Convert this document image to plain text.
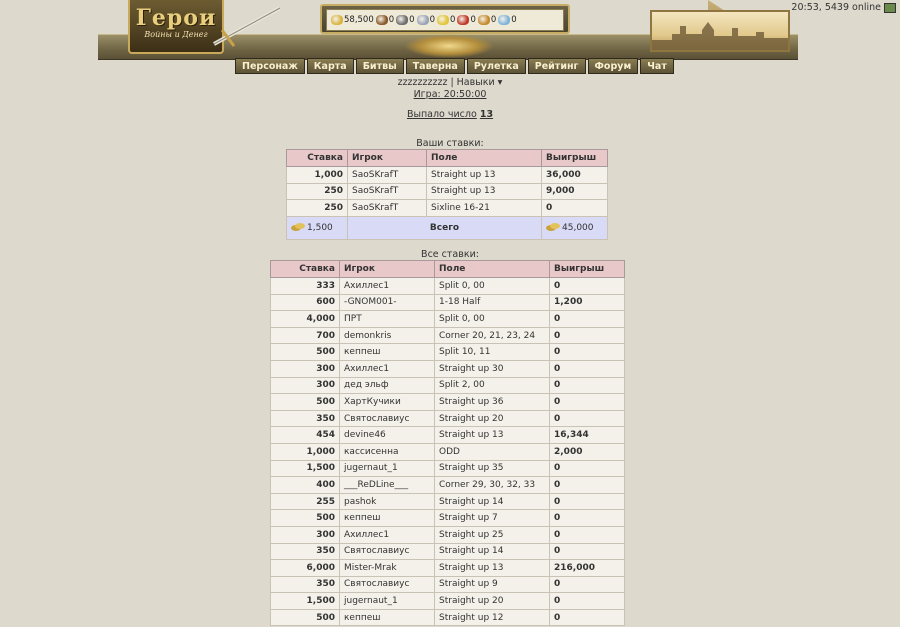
Герои
Войны и Денег
58,500 0 0 0 0 0 0 0
Персонаж	Карта	Битвы	Таверна	Рулетка	Рейтинг	Форум	Чат
20:53, 5439 online
zzzzzzzzzz | Навыки ▾
Игра: 20:50:00
Выпало число 13
Ваши ставки:
Ставка	Игрок	Поле	Выигрыш
1,000	SaoSKrafT	Straight up 13	36,000
250	SaoSKrafT	Straight up 13	9,000
250	SaoSKrafT	Sixline 16-21	0
1,500	Всего		45,000
Все ставки:
Ставка	Игрок	Поле	Выигрыш
333	Ахиллес1	Split 0, 00	0
600	-GNOM001-	1-18 Half	1,200
4,000	ПРТ	Split 0, 00	0
700	demonkris	Corner 20, 21, 23, 24	0
500	кеппеш	Split 10, 11	0
300	Ахиллес1	Straight up 30	0
300	дед эльф	Split 2, 00	0
500	ХартКучики	Straight up 36	0
350	Святославиус	Straight up 20	0
454	devine46	Straight up 13	16,344
1,000	кассисенна	ODD	2,000
1,500	jugernaut_1	Straight up 35	0
400	___ReDLine___	Corner 29, 30, 32, 33	0
255	pashok	Straight up 14	0
500	кеппеш	Straight up 7	0
300	Ахиллес1	Straight up 25	0
350	Святославиус	Straight up 14	0
6,000	Mister-Mrak	Straight up 13	216,000
350	Святославиус	Straight up 9	0
1,500	jugernaut_1	Straight up 20	0
500	кеппеш	Straight up 12	0
